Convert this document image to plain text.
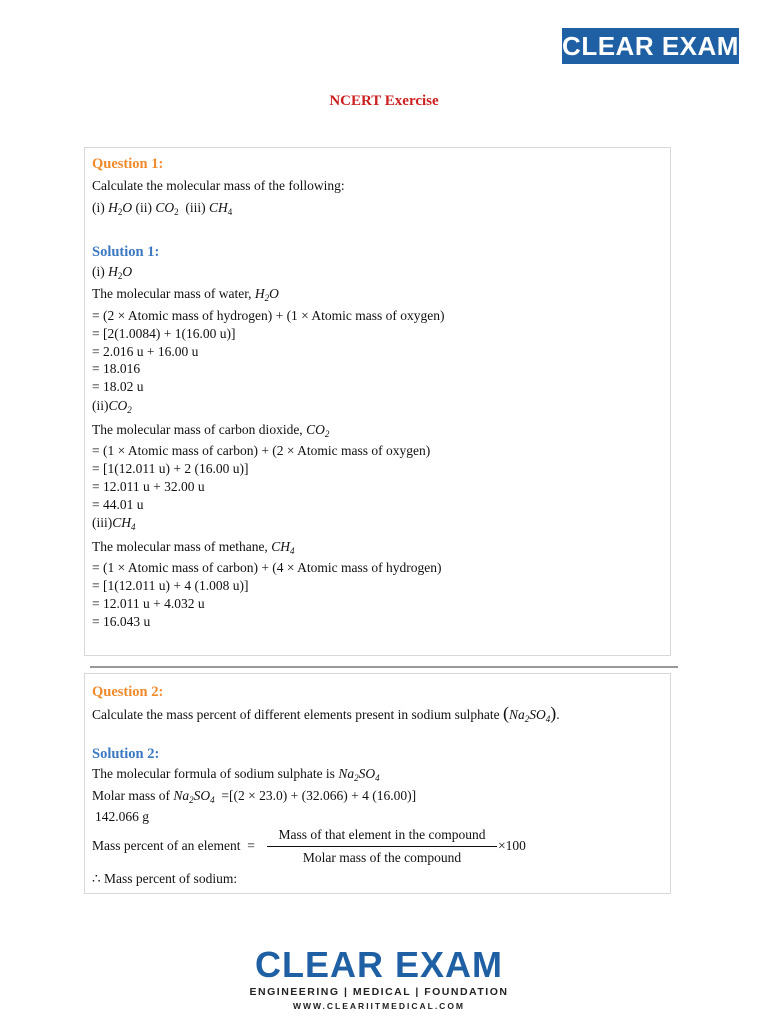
CLEAR EXAM
NCERT Exercise
Question 1:
Calculate the molecular mass of the following:
(i) $H_2O$ (ii) $CO_2$ (iii) $CH_4$
Solution 1:
(i) $H_2O$
The molecular mass of water, $H_2O$
= (2 × Atomic mass of hydrogen) + (1 × Atomic mass of oxygen)
= [2(1.0084) + 1(16.00 u)]
= 2.016 u + 16.00 u
= 18.016
= 18.02 u
$(ii)CO_2$
The molecular mass of carbon dioxide, $CO_2$
= (1 × Atomic mass of carbon) + (2 × Atomic mass of oxygen)
= [1(12.011 u) + 2 (16.00 u)]
= 12.011 u + 32.00 u
= 44.01 u
$(iii)CH_4$
The molecular mass of methane, $CH_4$
= (1 × Atomic mass of carbon) + (4 × Atomic mass of hydrogen)
= [1(12.011 u) + 4 (1.008 u)]
= 12.011 u + 4.032 u
= 16.043 u
Question 2:
Calculate the mass percent of different elements present in sodium sulphate $(Na_2SO_4)$.
Solution 2:
The molecular formula of sodium sulphate is $Na_2SO_4$
Molar mass of $Na_2SO_4 =[(2 \times 23.0) + (32.066) + 4$ (16.00)]
142.066 g
Mass percent of an element  =
Mass of that element in the compound
Molar mass of the compound
×100
∴ Mass percent of sodium:
CLEAR EXAM
ENGINEERING | MEDICAL | FOUNDATION
WWW.CLEARIITMEDICAL.COM
